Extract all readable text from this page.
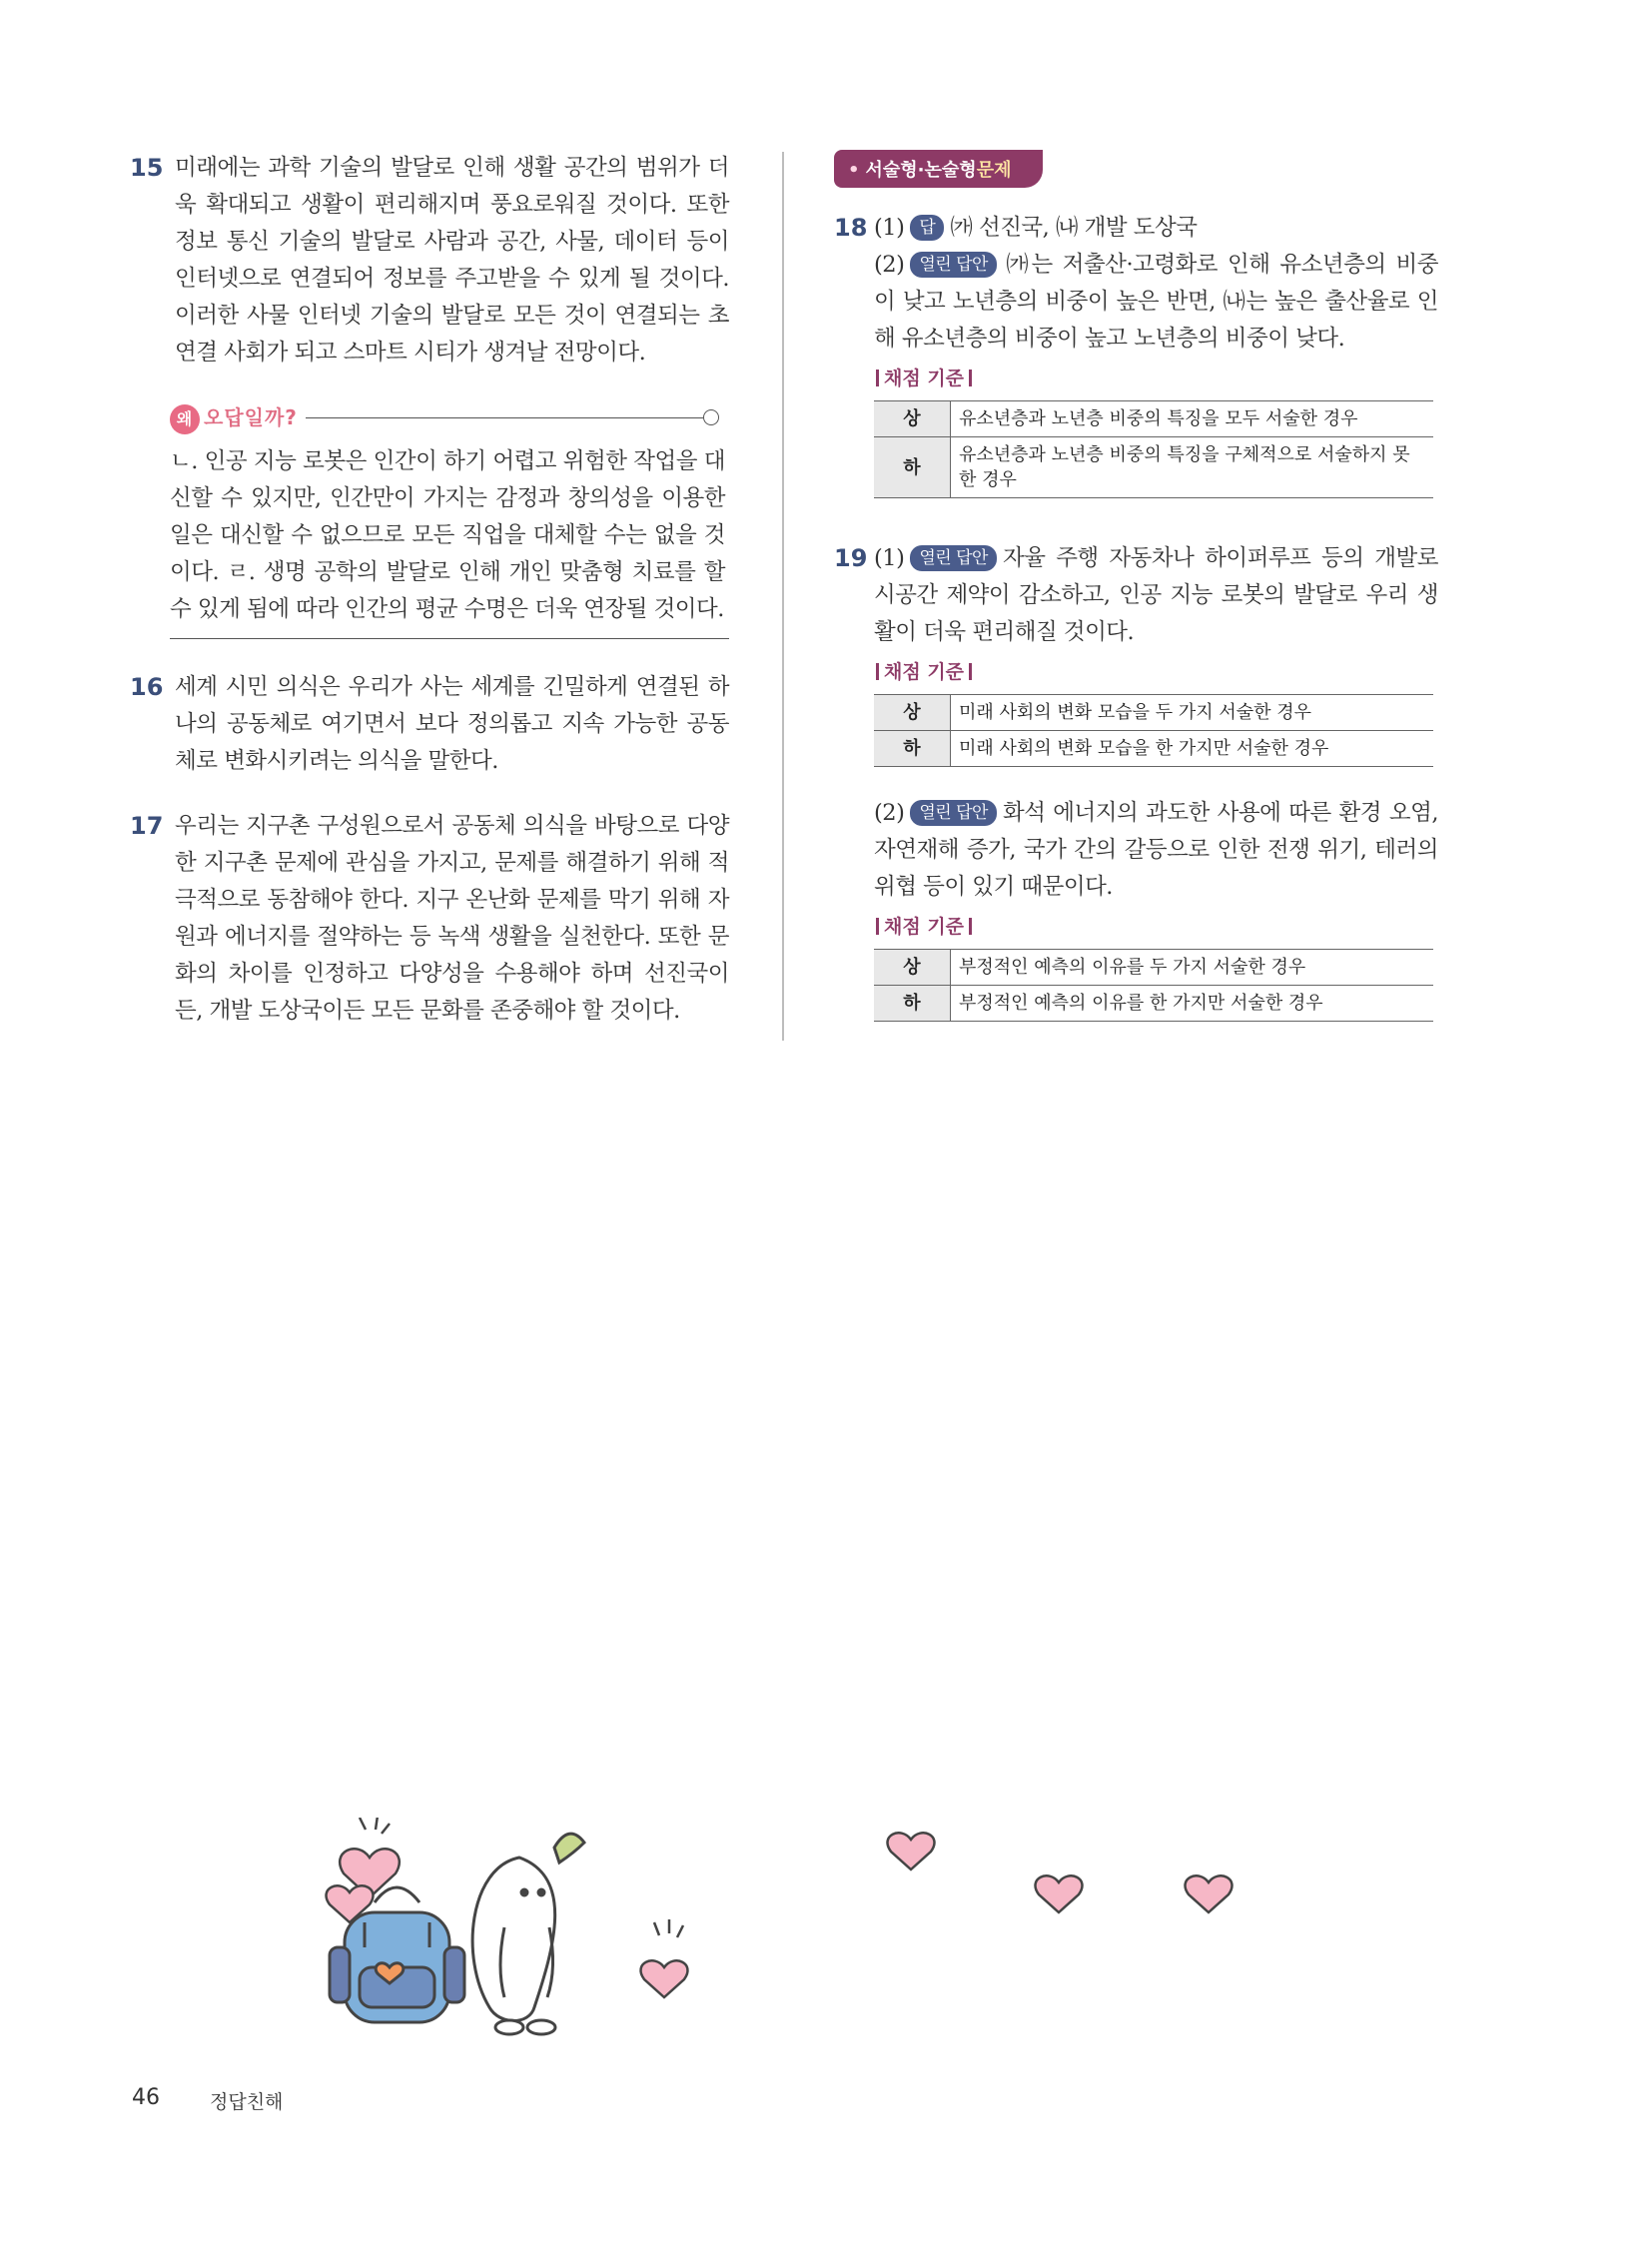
15 미래에는 과학 기술의 발달로 인해 생활 공간의 범위가 더욱 확대되고 생활이 편리해지며 풍요로워질 것이다. 또한 정보 통신 기술의 발달로 사람과 공간, 사물, 데이터 등이 인터넷으로 연결되어 정보를 주고받을 수 있게 될 것이다. 이러한 사물 인터넷 기술의 발달로 모든 것이 연결되는 초연결 사회가 되고 스마트 시티가 생겨날 전망이다.

왜 오답일까?

ㄴ. 인공 지능 로봇은 인간이 하기 어렵고 위험한 작업을 대신할 수 있지만, 인간만이 가지는 감정과 창의성을 이용한 일은 대신할 수 없으므로 모든 직업을 대체할 수는 없을 것이다. ㄹ. 생명 공학의 발달로 인해 개인 맞춤형 치료를 할 수 있게 됨에 따라 인간의 평균 수명은 더욱 연장될 것이다.

16 세계 시민 의식은 우리가 사는 세계를 긴밀하게 연결된 하나의 공동체로 여기면서 보다 정의롭고 지속 가능한 공동체로 변화시키려는 의식을 말한다.

17 우리는 지구촌 구성원으로서 공동체 의식을 바탕으로 다양한 지구촌 문제에 관심을 가지고, 문제를 해결하기 위해 적극적으로 동참해야 한다. 지구 온난화 문제를 막기 위해 자원과 에너지를 절약하는 등 녹색 생활을 실천한다. 또한 문화의 차이를 인정하고 다양성을 수용해야 하며 선진국이든, 개발 도상국이든 모든 문화를 존중해야 할 것이다.

• 서술형·논술형문제
18 (1) 답 ㈎ 선진국, ㈏ 개발 도상국

(2) 열린 답안 ㈎는 저출산·고령화로 인해 유소년층의 비중이 낮고 노년층의 비중이 높은 반면, ㈏는 높은 출산율로 인해 유소년층의 비중이 높고 노년층의 비중이 낮다.

채점 기준
상	유소년층과 노년층 비중의 특징을 모두 서술한 경우
하	유소년층과 노년층 비중의 특징을 구체적으로 서술하지 못한 경우
19 (1) 열린 답안 자율 주행 자동차나 하이퍼루프 등의 개발로 시공간 제약이 감소하고, 인공 지능 로봇의 발달로 우리 생활이 더욱 편리해질 것이다.

채점 기준
상	미래 사회의 변화 모습을 두 가지 서술한 경우
하	미래 사회의 변화 모습을 한 가지만 서술한 경우

(2) 열린 답안 화석 에너지의 과도한 사용에 따른 환경 오염, 자연재해 증가, 국가 간의 갈등으로 인한 전쟁 위기, 테러의 위협 등이 있기 때문이다.

채점 기준
상	부정적인 예측의 이유를 두 가지 서술한 경우
하	부정적인 예측의 이유를 한 가지만 서술한 경우
46	정답친해
